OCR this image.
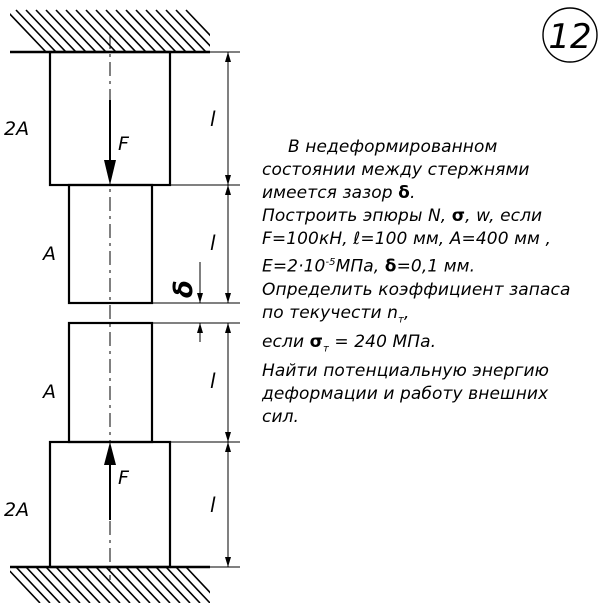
12
2А
А
А
2А
F
F
δ
l
l
l
l
В недеформированном
состоянии между стержнями
имеется зазор δ.
Построить эпюры N, σ, w, если
F=100кН, ℓ=100 мм, A=400 мм ,
$E=2\cdot 10^{-5}МПа$, δ=0,1 мм.
Определить коэффициент запаса
по текучести $n_т$,
если $\sigma_т = 240$ МПа.
Найти потенциальную энергию
деформации и работу внешних
сил.
